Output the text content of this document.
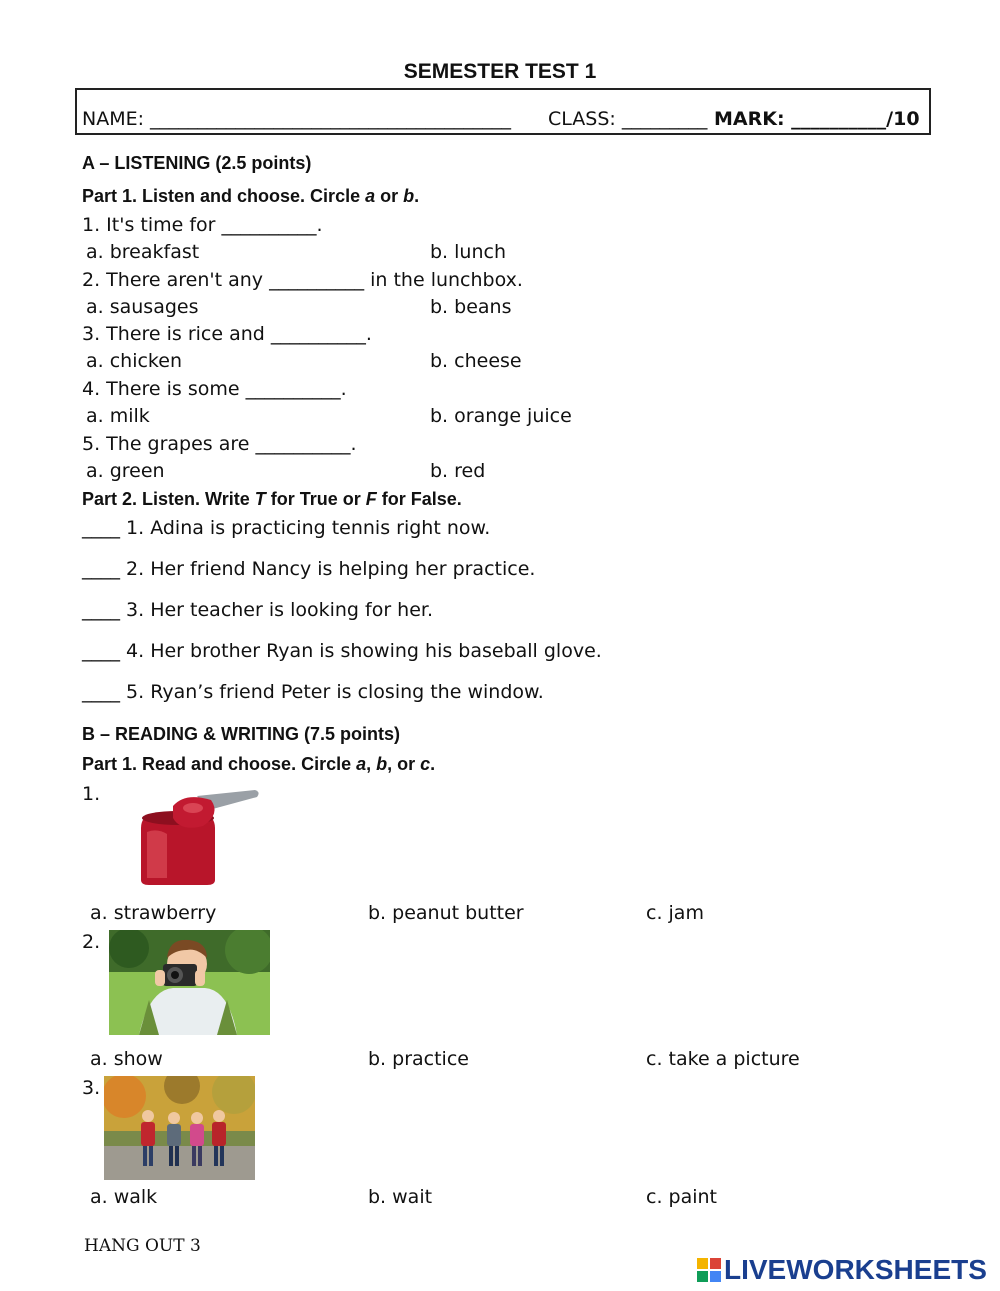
SEMESTER TEST 1
NAME: ______________________________________ CLASS: _________ MARK: __________/10
A – LISTENING (2.5 points)
Part 1. Listen and choose. Circle a or b.
1. It's time for __________.
a. breakfast	b. lunch
2. There aren't any __________ in the lunchbox.
a. sausages	b. beans
3. There is rice and __________.
a. chicken	b. cheese
4. There is some __________.
a. milk	b. orange juice
5. The grapes are __________.
a. green	b. red
Part 2. Listen. Write T for True or F for False.
____ 1. Adina is practicing tennis right now.
____ 2. Her friend Nancy is helping her practice.
____ 3. Her teacher is looking for her.
____ 4. Her brother Ryan is showing his baseball glove.
____ 5. Ryan’s friend Peter is closing the window.
B – READING & WRITING (7.5 points)
Part 1. Read and choose. Circle a, b, or c.
1.
a. strawberry	b. peanut butter	c. jam
2.
a. show	b. practice	c. take a picture
3.
a. walk	b. wait	c. paint
HANG OUT 3
LIVEWORKSHEETS
